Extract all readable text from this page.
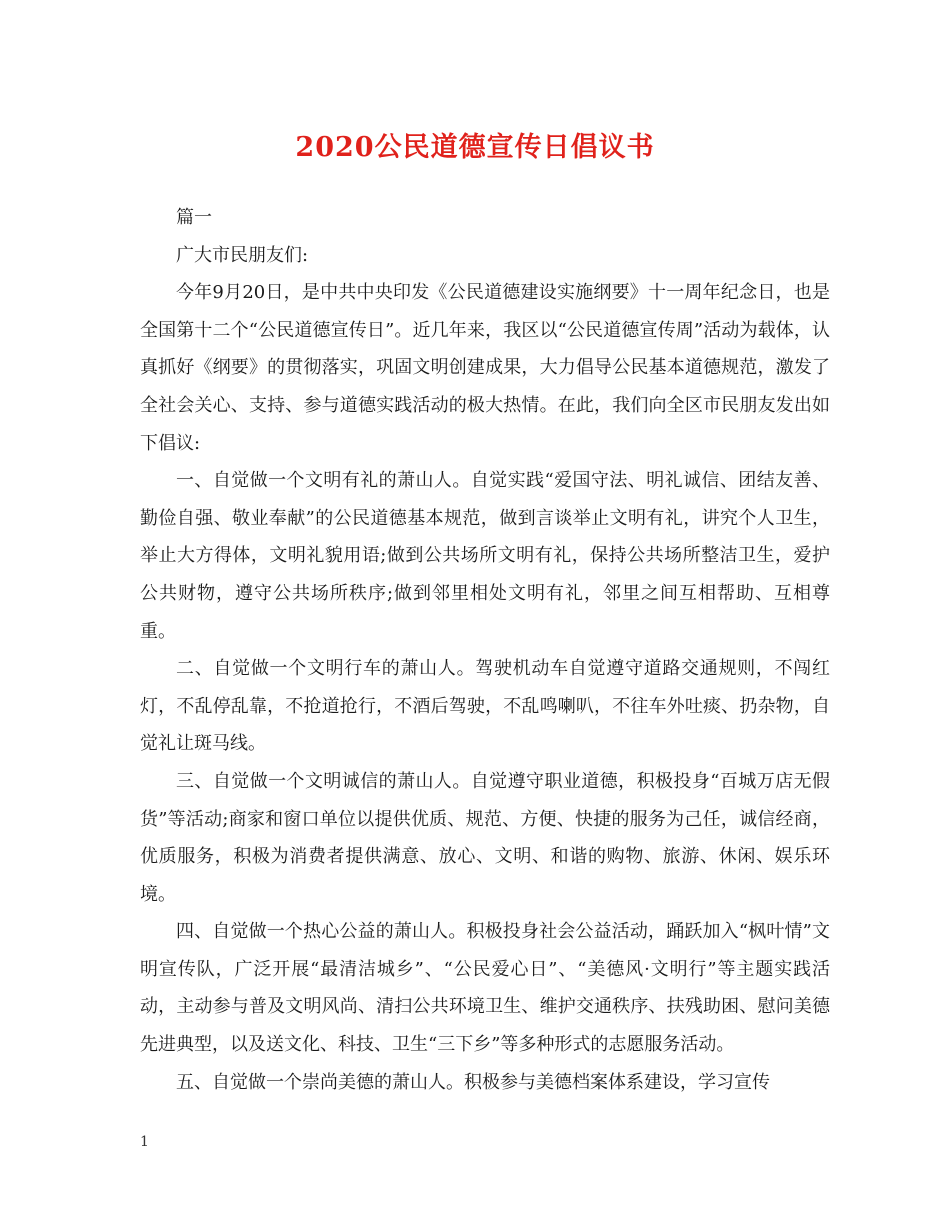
2020公民道德宣传日倡议书

篇一

广大市民朋友们:

今年9月20日，是中共中央印发《公民道德建设实施纲要》十一周年纪念日，也是全国第十二个“公民道德宣传日”。近几年来，我区以“公民道德宣传周”活动为载体，认真抓好《纲要》的贯彻落实，巩固文明创建成果，大力倡导公民基本道德规范，激发了全社会关心、支持、参与道德实践活动的极大热情。在此，我们向全区市民朋友发出如下倡议:

一、自觉做一个文明有礼的萧山人。自觉实践“爱国守法、明礼诚信、团结友善、勤俭自强、敬业奉献”的公民道德基本规范，做到言谈举止文明有礼，讲究个人卫生，举止大方得体，文明礼貌用语;做到公共场所文明有礼，保持公共场所整洁卫生，爱护公共财物，遵守公共场所秩序;做到邻里相处文明有礼，邻里之间互相帮助、互相尊重。

二、自觉做一个文明行车的萧山人。驾驶机动车自觉遵守道路交通规则，不闯红灯，不乱停乱靠，不抢道抢行，不酒后驾驶，不乱鸣喇叭，不往车外吐痰、扔杂物，自觉礼让斑马线。

三、自觉做一个文明诚信的萧山人。自觉遵守职业道德，积极投身“百城万店无假货”等活动;商家和窗口单位以提供优质、规范、方便、快捷的服务为己任，诚信经商，优质服务，积极为消费者提供满意、放心、文明、和谐的购物、旅游、休闲、娱乐环境。

四、自觉做一个热心公益的萧山人。积极投身社会公益活动，踊跃加入“枫叶情”文明宣传队，广泛开展“最清洁城乡”、“公民爱心日”、“美德风·文明行”等主题实践活动，主动参与普及文明风尚、清扫公共环境卫生、维护交通秩序、扶残助困、慰问美德先进典型，以及送文化、科技、卫生“三下乡”等多种形式的志愿服务活动。

五、自觉做一个崇尚美德的萧山人。积极参与美德档案体系建设，学习宣传

1
